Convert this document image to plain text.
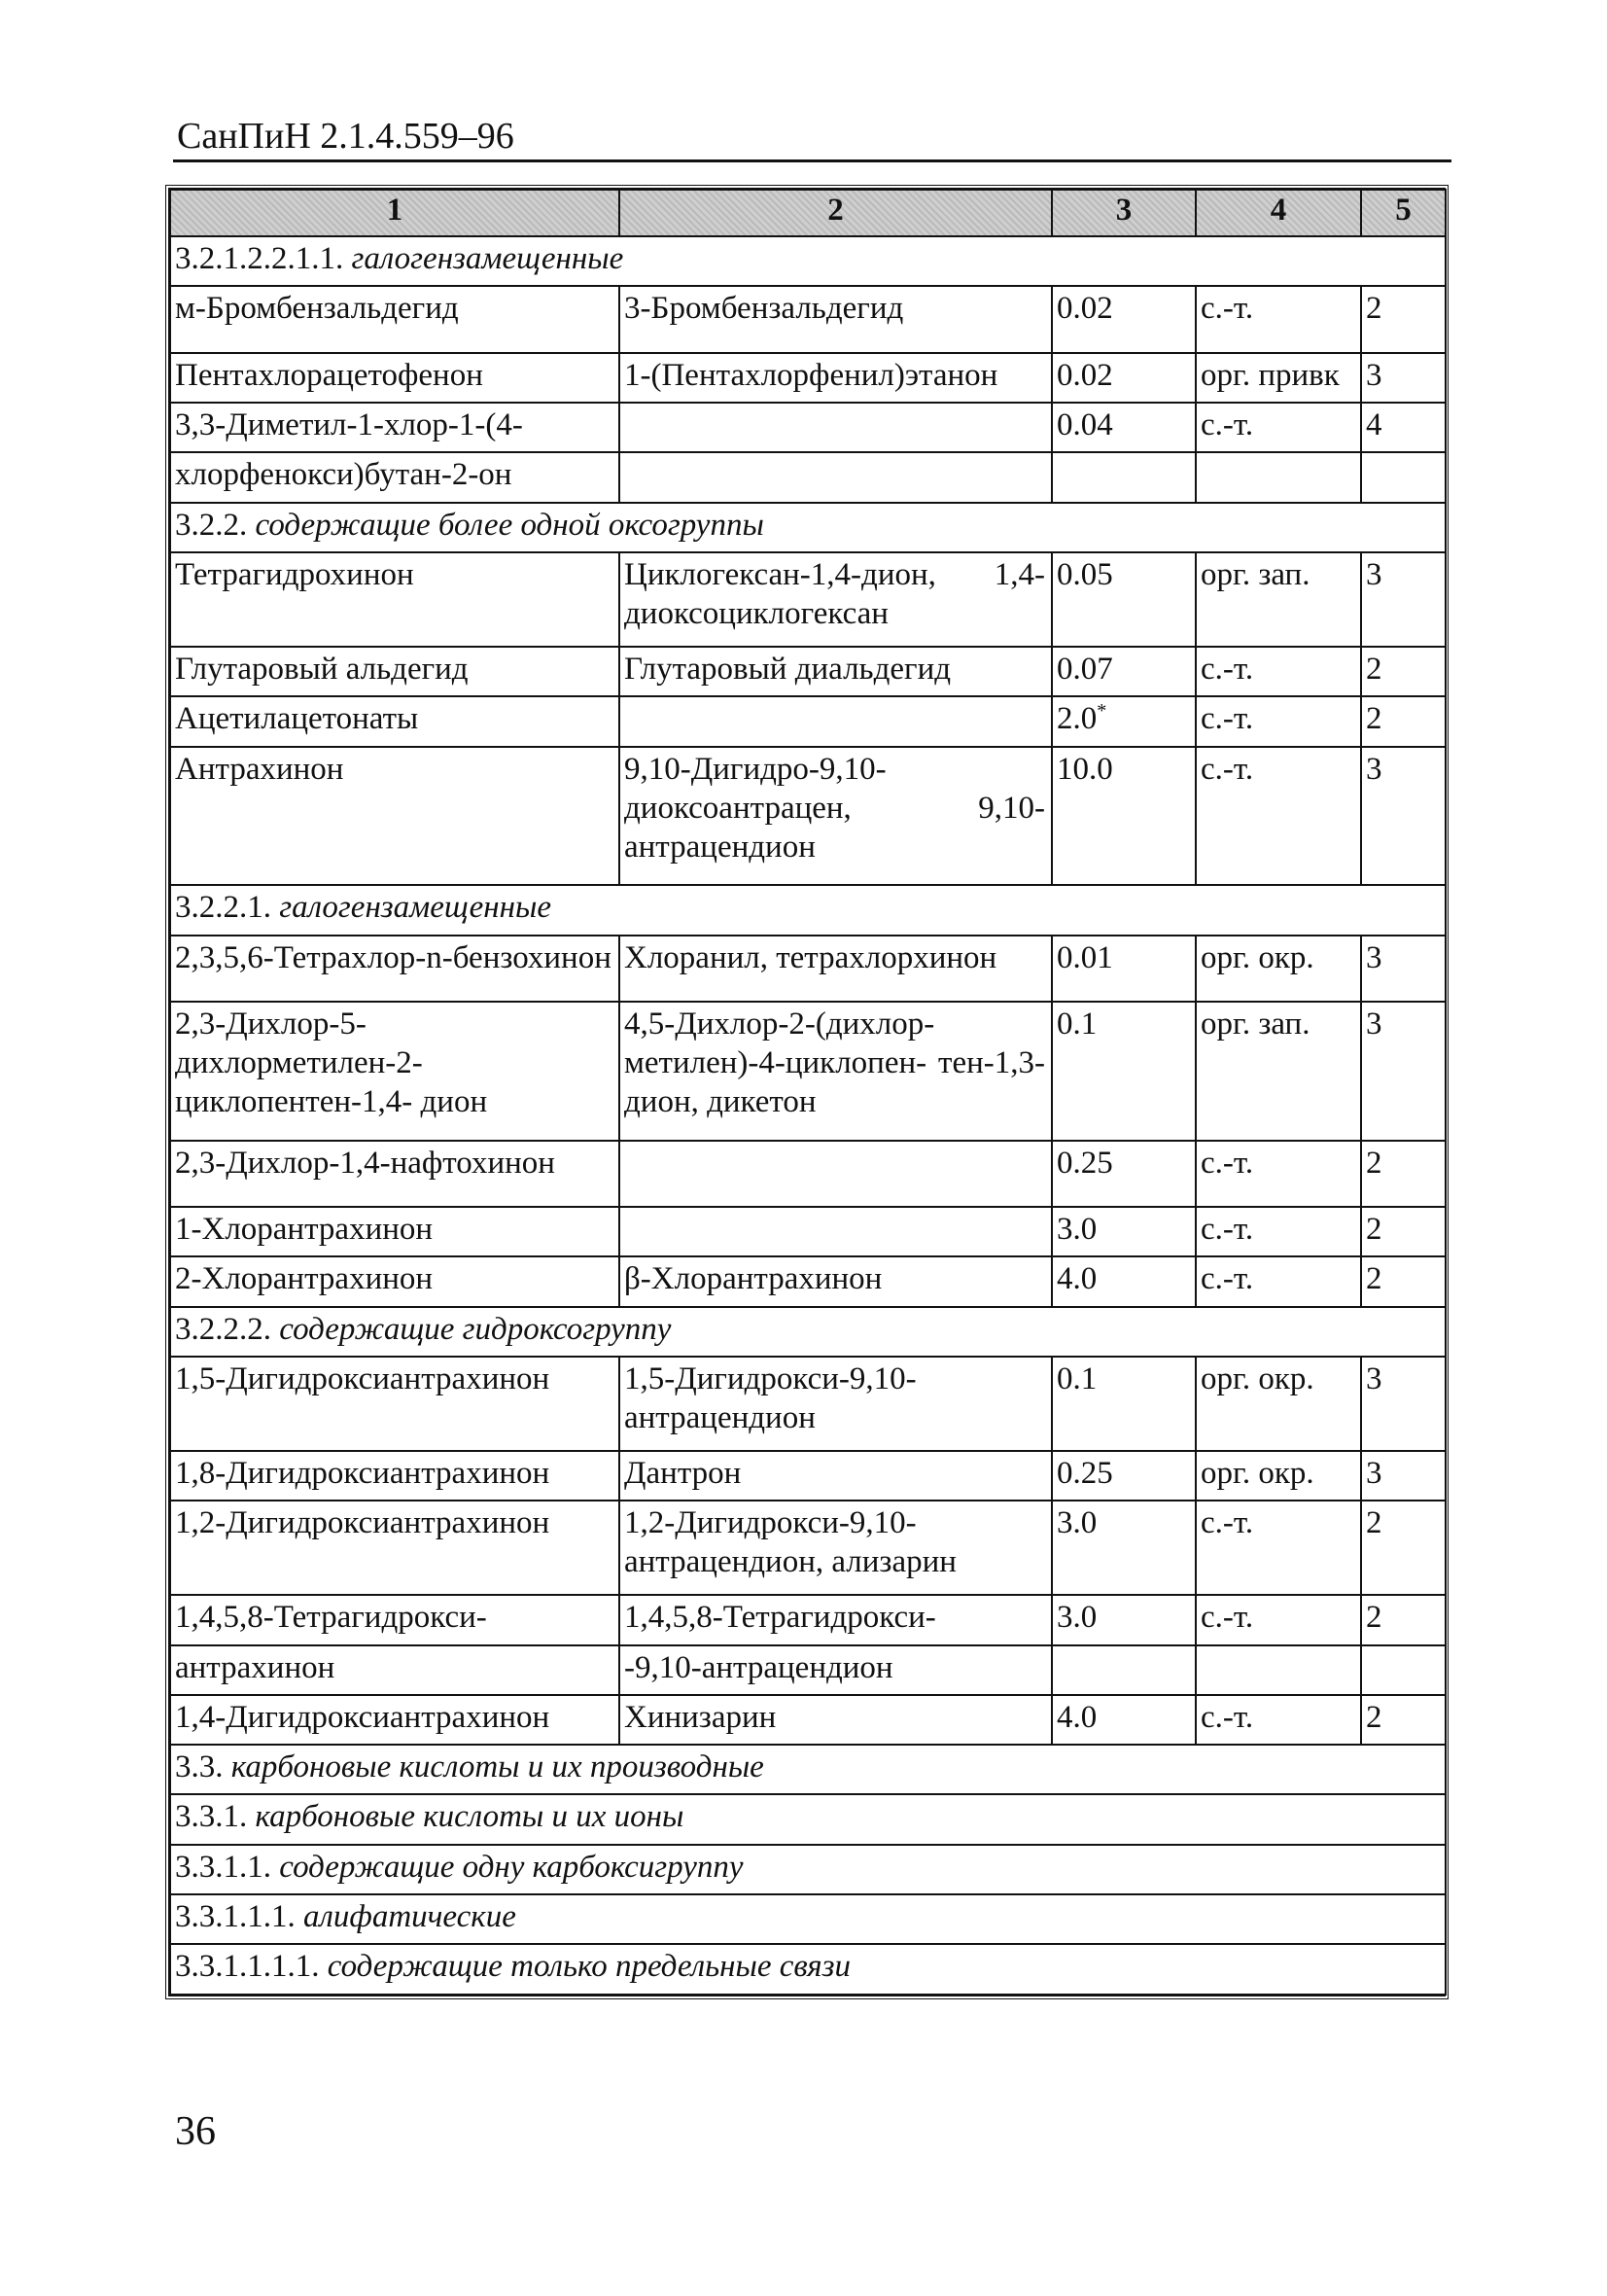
СанПиН 2.1.4.559–96
1	2	3	4	5
3.2.1.2.2.1.1. галогензамещенные				
м-Бромбензальдегид	3-Бромбензальдегид	0.02	с.-т.	2
Пентахлорацетофенон	1-(Пентахлорфенил)этанон	0.02	орг. привк	3
3,3-Диметил-1-хлор-1-(4-		0.04	с.-т.	4
хлорфенокси)бутан-2-он				
3.2.2. содержащие более одной оксогруппы				
Тетрагидрохинон	Циклогексан-1,4-дион, 1,4-диоксоциклогексан	0.05	орг. зап.	3
Глутаровый альдегид	Глутаровый диальдегид	0.07	с.-т.	2
Ацетилацетонаты		2.0*	с.-т.	2
Антрахинон	9,10-Дигидро-9,10-диоксоантрацен, 9,10- антрацендион	10.0	с.-т.	3
3.2.2.1. галогензамещенные				
2,3,5,6-Тетрахлор-n-бензохинон	Хлоранил, тетрахлорхинон	0.01	орг. окр.	3
2,3-Дихлор-5-дихлорметилен-2-циклопентен-1,4- дион	4,5-Дихлор-2-(дихлор- метилен)-4-циклопен- тен-1,3-дион, дикетон	0.1	орг. зап.	3
2,3-Дихлор-1,4-нафтохинон		0.25	с.-т.	2
1-Хлорантрахинон		3.0	с.-т.	2
2-Хлорантрахинон	β-Хлорантрахинон	4.0	с.-т.	2
3.2.2.2. содержащие гидроксогруппу				
1,5-Дигидроксиантрахинон	1,5-Дигидрокси-9,10- антрацендион	0.1	орг. окр.	3
1,8-Дигидроксиантрахинон	Дантрон	0.25	орг. окр.	3
1,2-Дигидроксиантрахинон	1,2-Дигидрокси-9,10- антрацендион, ализарин	3.0	с.-т.	2
1,4,5,8-Тетрагидрокси-	1,4,5,8-Тетрагидрокси-	3.0	с.-т.	2
антрахинон	-9,10-антрацендион			
1,4-Дигидроксиантрахинон	Хинизарин	4.0	с.-т.	2
3.3. карбоновые кислоты и их производные				
3.3.1. карбоновые кислоты и их ионы				
3.3.1.1. содержащие одну карбоксигруппу				
3.3.1.1.1. алифатические				
3.3.1.1.1.1. содержащие только предельные связи				
36
